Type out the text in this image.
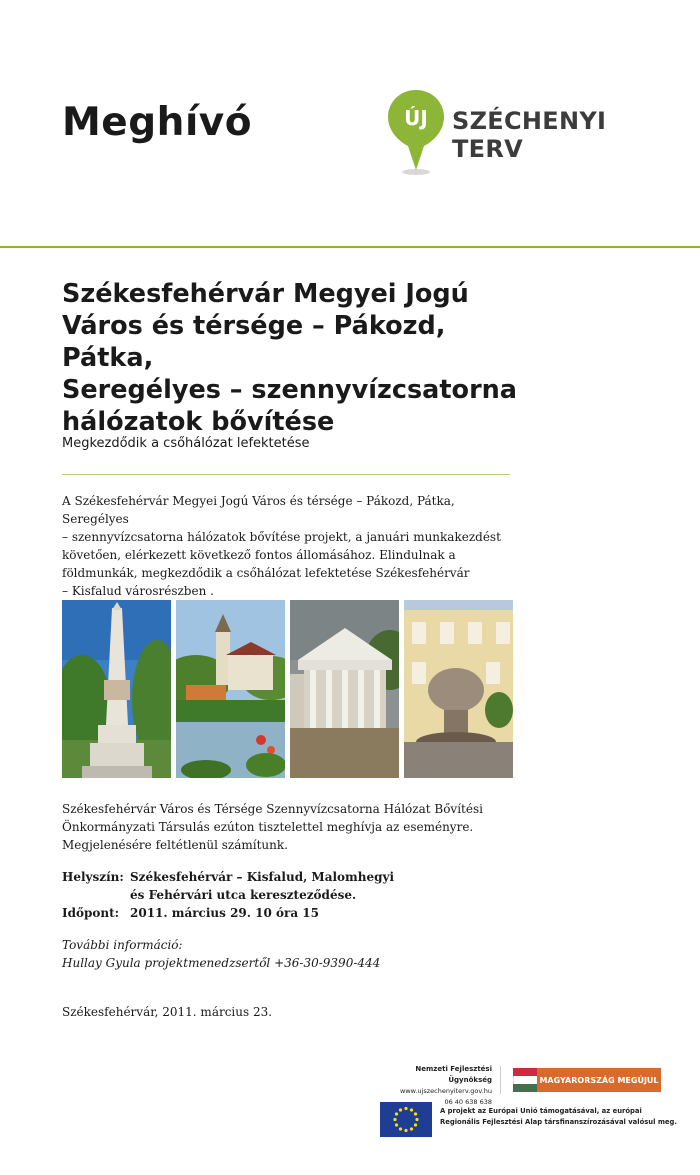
Meghívó	ÚJ SZÉCHENYI TERV
Székesfehérvár Megyei Jogú
Város és térsége – Pákozd, Pátka,
Seregélyes – szennyvízcsatorna
hálózatok bővítése
Megkezdődik a csőhálózat lefektetése
A Székesfehérvár Megyei Jogú Város és térsége – Pákozd, Pátka, Seregélyes
– szennyvízcsatorna hálózatok bővítése projekt, a januári munkakezdést
követően, elérkezett következő fontos állomásához. Elindulnak a
földmunkák, megkezdődik a csőhálózat lefektetése Székesfehérvár
– Kisfalud városrészben .
Székesfehérvár Város és Térsége Szennyvízcsatorna Hálózat Bővítési
Önkormányzati Társulás ezúton tisztelettel meghívja az eseményre.
Megjelenésére feltétlenül számítunk.
Helyszín: Székesfehérvár – Kisfalud, Malomhegyi
és Fehérvári utca kereszteződése.
Időpont: 2011. március 29. 10 óra 15
További információ:
Hullay Gyula projektmenedzsertől +36-30-9390-444
Székesfehérvár, 2011. március 23.
Nemzeti Fejlesztési Ügynökség
www.ujszechenyiterv.gov.hu
06 40 638 638
MAGYARORSZÁG MEGÚJUL
A projekt az Európai Unió támogatásával, az európai
Regionális Fejlesztési Alap társfinanszírozásával valósul meg.
